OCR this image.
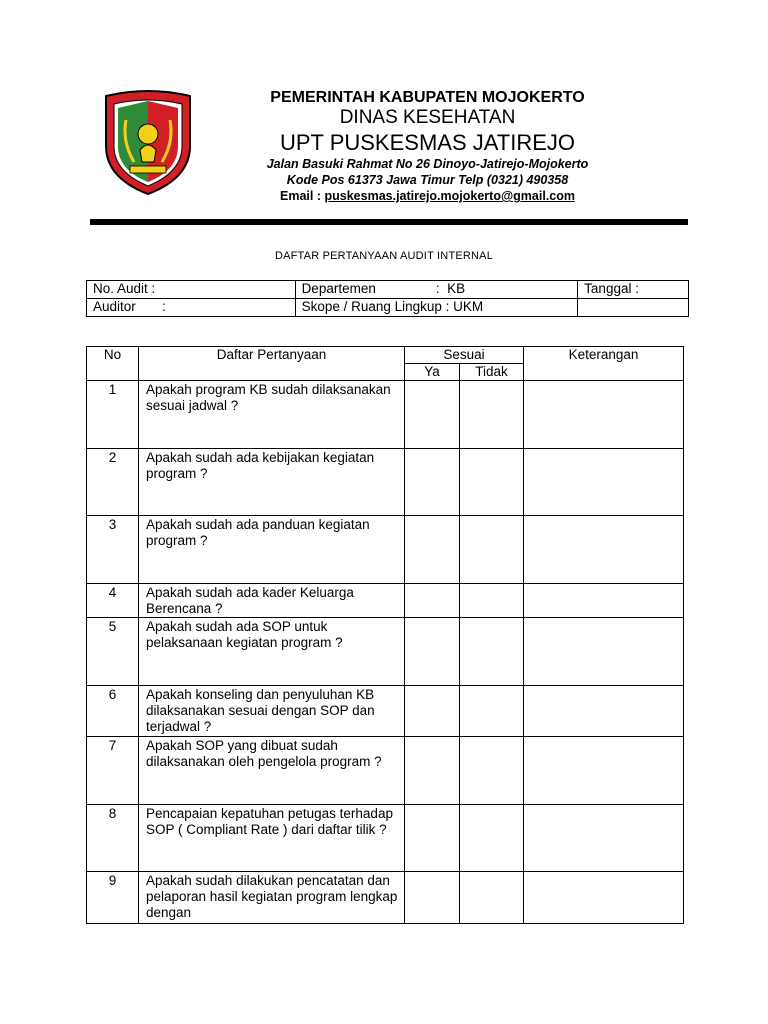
PEMERINTAH KABUPATEN MOJOKERTO
DINAS KESEHATAN
UPT PUSKESMAS JATIREJO
Jalan Basuki Rahmat No 26 Dinoyo-Jatirejo-Mojokerto
Kode Pos 61373 Jawa Timur Telp (0321) 490358
Email : puskesmas.jatirejo.mojokerto@gmail.com
DAFTAR PERTANYAAN AUDIT INTERNAL
No. Audit :	Departemen                :  KB	Tanggal :
Auditor       :	Skope / Ruang Lingkup : UKM	
No	Daftar Pertanyaan	Sesuai		Keterangan
		Ya	Tidak	
1	Apakah program KB sudah dilaksanakan sesuai jadwal ?			
2	Apakah sudah ada kebijakan kegiatan program ?			
3	Apakah sudah ada panduan kegiatan program ?			
4	Apakah sudah ada kader Keluarga Berencana ?			
5	Apakah sudah ada SOP untuk pelaksanaan kegiatan program ?			
6	Apakah konseling dan penyuluhan KB dilaksanakan sesuai dengan SOP dan terjadwal ?			
7	Apakah SOP yang dibuat sudah dilaksanakan oleh pengelola program ?			
8	Pencapaian kepatuhan petugas terhadap SOP ( Compliant Rate ) dari daftar tilik ?			
9	Apakah sudah dilakukan pencatatan dan pelaporan hasil kegiatan program lengkap dengan			
